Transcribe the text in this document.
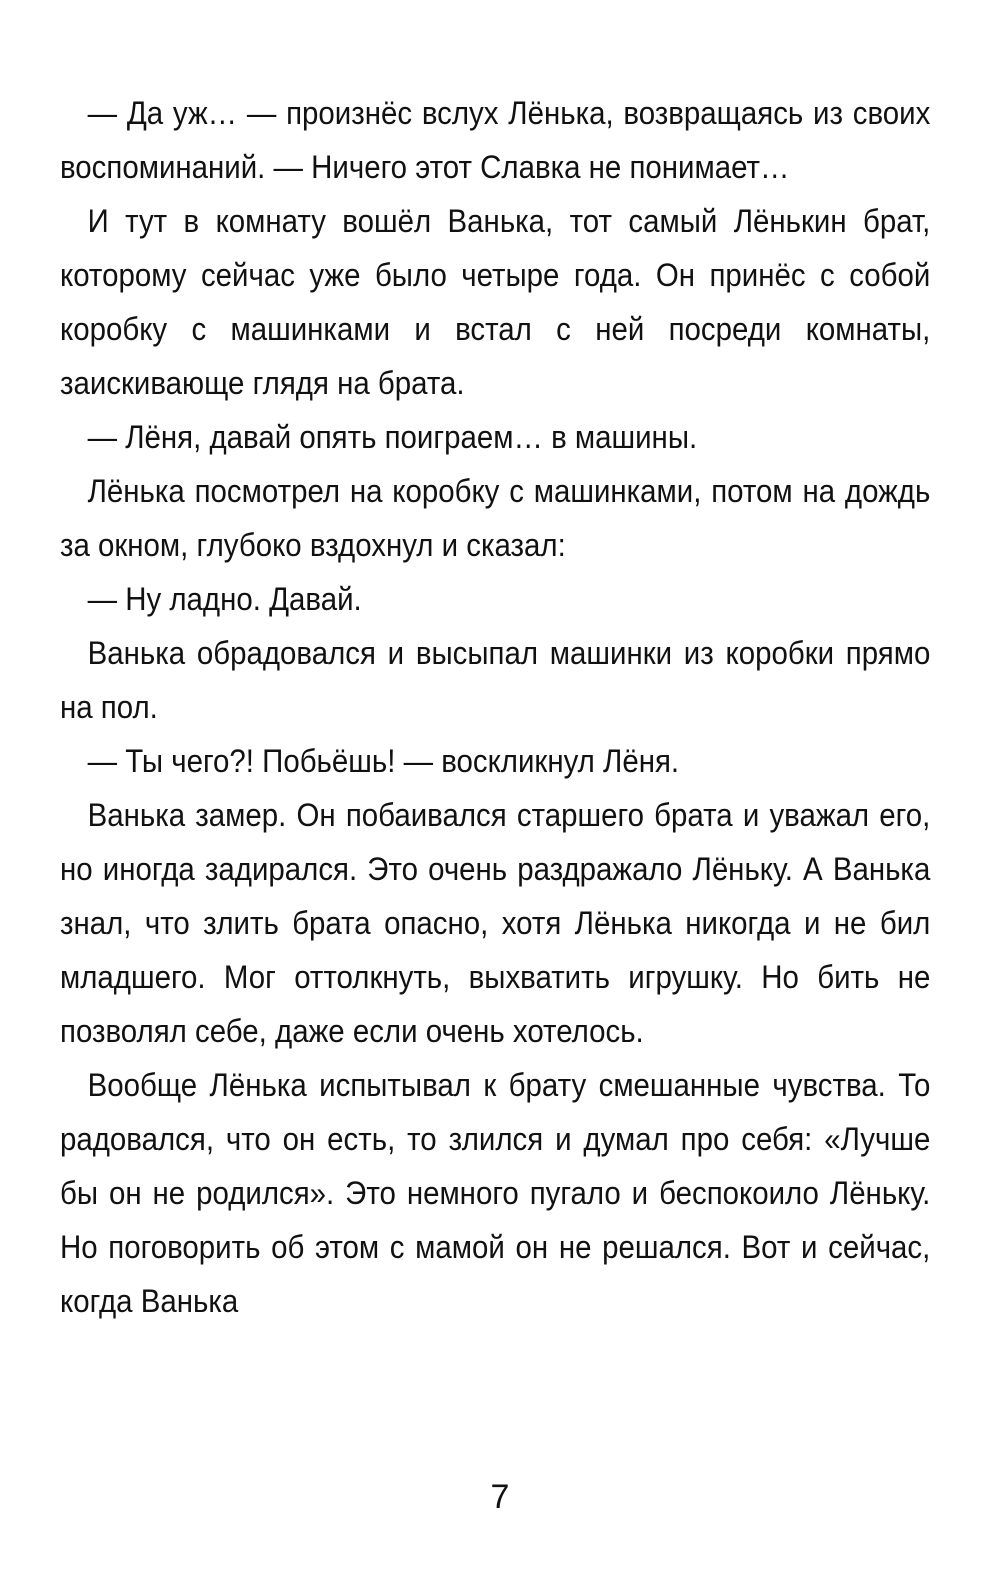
— Да уж… — произнёс вслух Лёнька, возвращаясь из своих воспоминаний. — Ничего этот Славка не понимает…

И тут в комнату вошёл Ванька, тот самый Лёнькин брат, которому сейчас уже было четыре года. Он принёс с собой коробку с машинками и встал с ней посреди комнаты, заискивающе глядя на брата.

— Лёня, давай опять поиграем… в машины.

Лёнька посмотрел на коробку с машинками, потом на дождь за окном, глубоко вздохнул и сказал:

— Ну ладно. Давай.

Ванька обрадовался и высыпал машинки из коробки прямо на пол.

— Ты чего?! Побьёшь! — воскликнул Лёня.

Ванька замер. Он побаивался старшего брата и уважал его, но иногда задирался. Это очень раздражало Лёньку. А Ванька знал, что злить брата опасно, хотя Лёнька никогда и не бил младшего. Мог оттолкнуть, выхватить игрушку. Но бить не позволял себе, даже если очень хотелось.

Вообще Лёнька испытывал к брату смешанные чувства. То радовался, что он есть, то злился и думал про себя: «Лучше бы он не родился». Это немного пугало и беспокоило Лёньку. Но поговорить об этом с мамой он не решался. Вот и сейчас, когда Ванька

7
